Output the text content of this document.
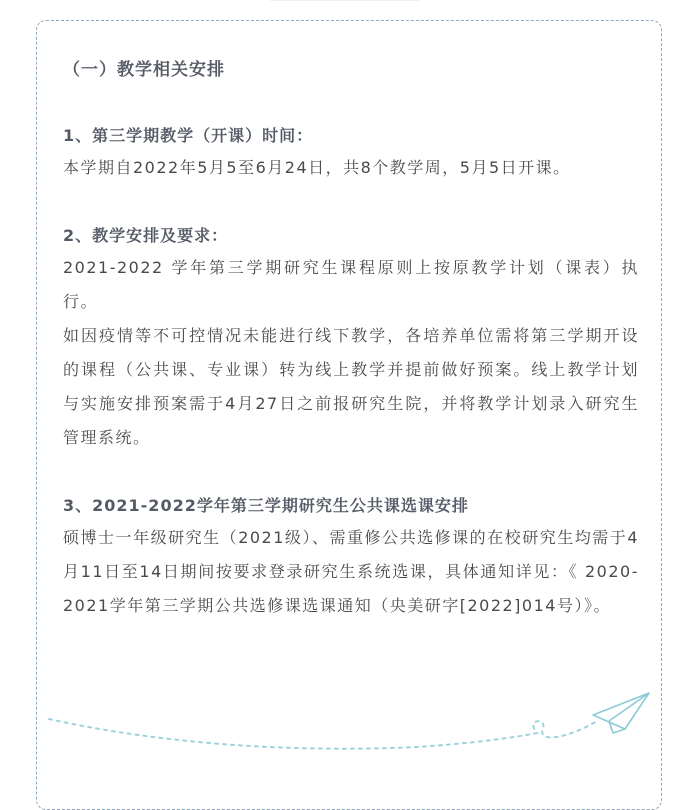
（一）教学相关安排

1、第三学期教学（开课）时间：

本学期自2022年5月5至6月24日，共8个教学周，5月5日开课。

2、教学安排及要求：

2021-2022 学年第三学期研究生课程原则上按原教学计划（课表）执行。

如因疫情等不可控情况未能进行线下教学，各培养单位需将第三学期开设的课程（公共课、专业课）转为线上教学并提前做好预案。线上教学计划与实施安排预案需于4月27日之前报研究生院，并将教学计划录入研究生管理系统。

3、2021-2022学年第三学期研究生公共课选课安排

硕博士一年级研究生（2021级）、需重修公共选修课的在校研究生均需于4月11日至14日期间按要求登录研究生系统选课，具体通知详见：《 2020-2021学年第三学期公共选修课选课通知（央美研字[2022]014号）》。
